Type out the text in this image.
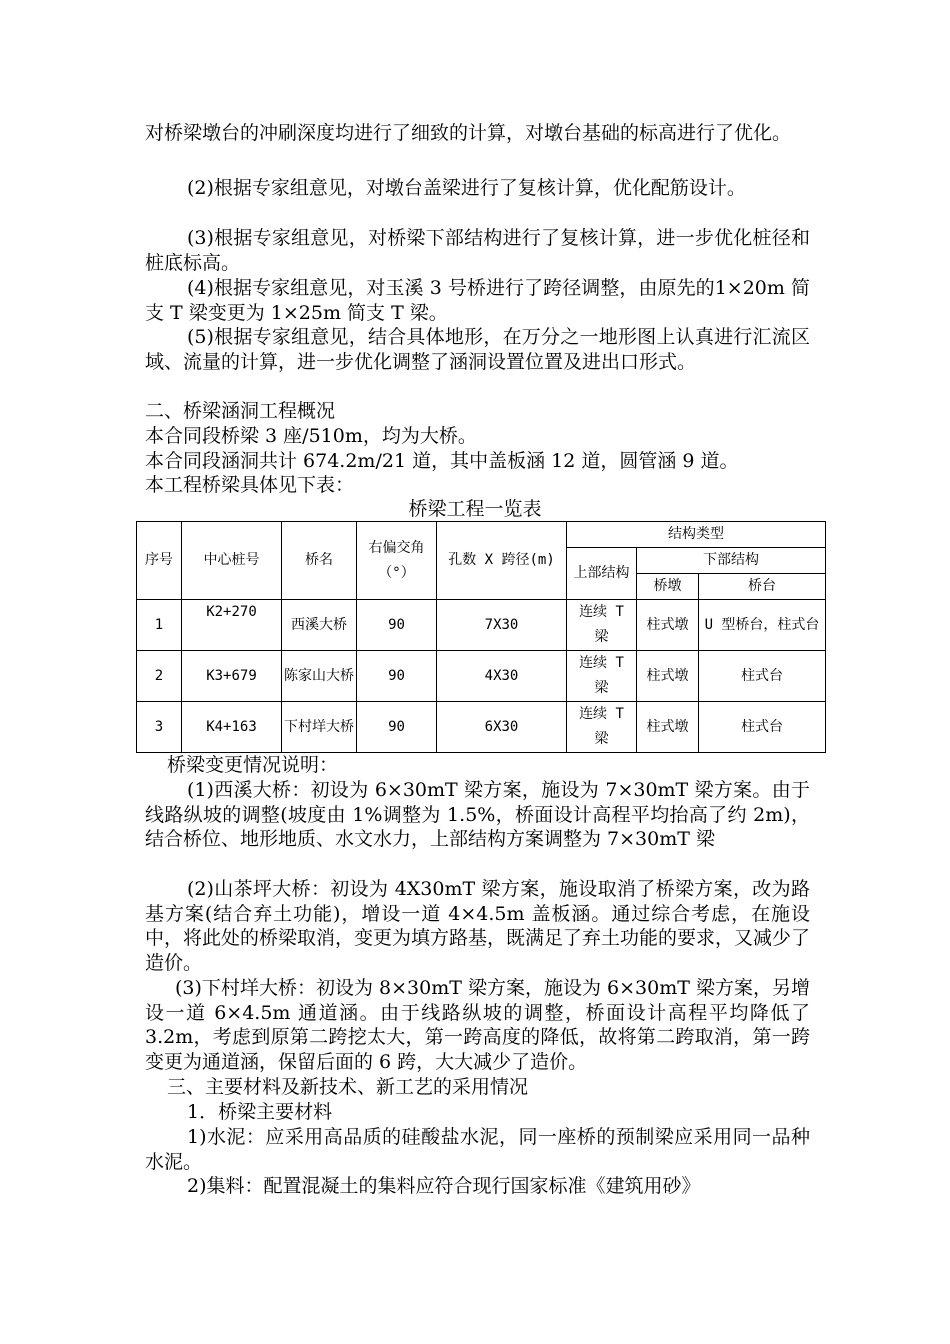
对桥梁墩台的冲刷深度均进行了细致的计算，对墩台基础的标高进行了优化。

(2)根据专家组意见，对墩台盖梁进行了复核计算，优化配筋设计。

(3)根据专家组意见，对桥梁下部结构进行了复核计算，进一步优化桩径和桩底标高。

(4)根据专家组意见，对玉溪 3 号桥进行了跨径调整，由原先的1×20m 简支 T 梁变更为 1×25m 简支 T 梁。

(5)根据专家组意见，结合具体地形，在万分之一地形图上认真进行汇流区域、流量的计算，进一步优化调整了涵洞设置位置及进出口形式。

二、桥梁涵洞工程概况

本合同段桥梁 3 座/510m，均为大桥。

本合同段涵洞共计 674.2m/21 道，其中盖板涵 12 道，圆管涵 9 道。

本工程桥梁具体见下表：

桥梁工程一览表
序号	中心桩号	桥名	右偏交角（°）	孔数 X 跨径(m)	结构类型		
					上部结构	下部结构	
						桥墩	桥台
1	K2+270	西溪大桥	90	7X30	连续 T 梁	柱式墩	U 型桥台，柱式台
2	K3+679	陈家山大桥	90	4X30	连续 T 梁	柱式墩	柱式台
3	K4+163	下村垟大桥	90	6X30	连续 T 梁	柱式墩	柱式台

桥梁变更情况说明：

(1)西溪大桥：初设为 6×30mT 梁方案，施设为 7×30mT 梁方案。由于线路纵坡的调整(坡度由 1%调整为 1.5%，桥面设计高程平均抬高了约 2m)，结合桥位、地形地质、水文水力，上部结构方案调整为 7×30mT 梁

(2)山茶坪大桥：初设为 4X30mT 梁方案，施设取消了桥梁方案，改为路基方案(结合弃土功能)，增设一道 4×4.5m 盖板涵。通过综合考虑，在施设中，将此处的桥梁取消，变更为填方路基，既满足了弃土功能的要求，又减少了造价。

(3)下村垟大桥：初设为 8×30mT 梁方案，施设为 6×30mT 梁方案，另增设一道 6×4.5m 通道涵。由于线路纵坡的调整，桥面设计高程平均降低了 3.2m，考虑到原第二跨挖太大，第一跨高度的降低，故将第二跨取消，第一跨变更为通道涵，保留后面的 6 跨，大大减少了造价。

三、主要材料及新技术、新工艺的采用情况

1．桥梁主要材料

1)水泥：应采用高品质的硅酸盐水泥，同一座桥的预制梁应采用同一品种水泥。

2)集料：配置混凝土的集料应符合现行国家标准《建筑用砂》
